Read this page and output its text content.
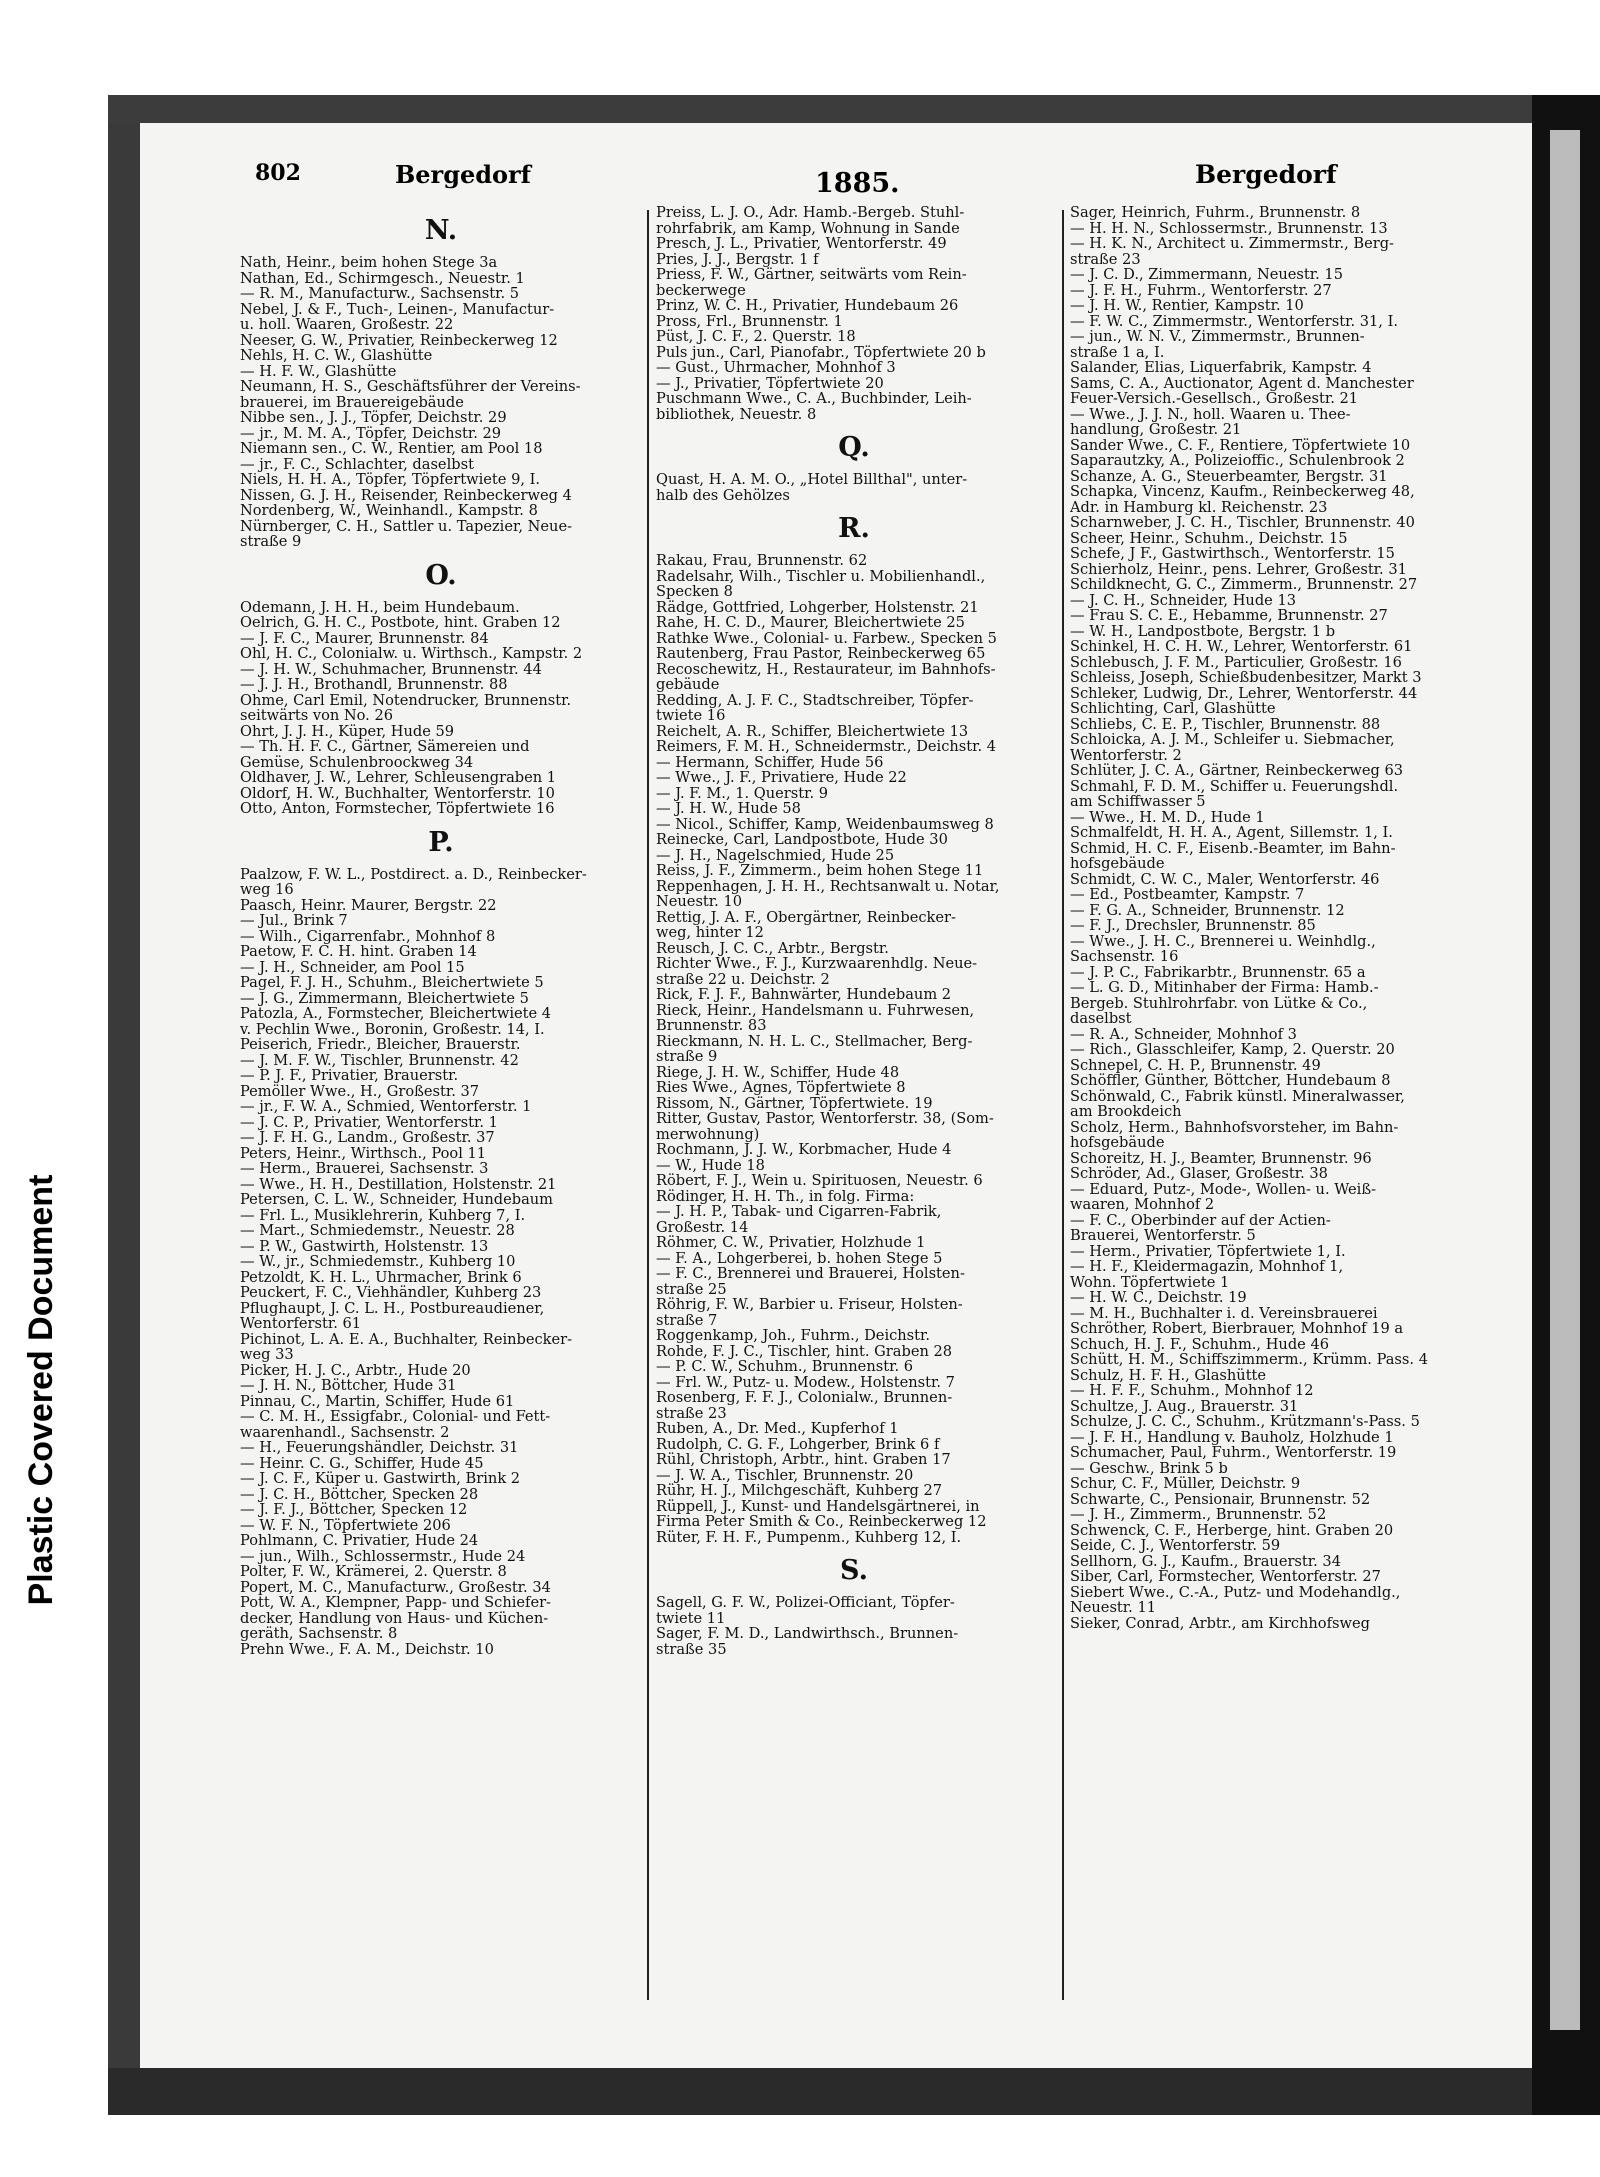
Plastic Covered Document
802	Bergedorf	1885.	Bergedorf
N.
Nath, Heinr., beim hohen Stege 3a
Nathan, Ed., Schirmgesch., Neuestr. 1
— R. M., Manufacturw., Sachsenstr. 5
Nebel, J. & F., Tuch-, Leinen-, Manufactur-
u. holl. Waaren, Großestr. 22
Neeser, G. W., Privatier, Reinbeckerweg 12
Nehls, H. C. W., Glashütte
— H. F. W., Glashütte
Neumann, H. S., Geschäftsführer der Vereins-
brauerei, im Brauereigebäude
Nibbe sen., J. J., Töpfer, Deichstr. 29
— jr., M. M. A., Töpfer, Deichstr. 29
Niemann sen., C. W., Rentier, am Pool 18
— jr., F. C., Schlachter, daselbst
Niels, H. H. A., Töpfer, Töpfertwiete 9, I.
Nissen, G. J. H., Reisender, Reinbeckerweg 4
Nordenberg, W., Weinhandl., Kampstr. 8
Nürnberger, C. H., Sattler u. Tapezier, Neue-
straße 9
O.
Odemann, J. H. H., beim Hundebaum.
Oelrich, G. H. C., Postbote, hint. Graben 12
— J. F. C., Maurer, Brunnenstr. 84
Ohl, H. C., Colonialw. u. Wirthsch., Kampstr. 2
— J. H. W., Schuhmacher, Brunnenstr. 44
— J. J. H., Brothandl, Brunnenstr. 88
Ohme, Carl Emil, Notendrucker, Brunnenstr.
seitwärts von No. 26
Ohrt, J. J. H., Küper, Hude 59
— Th. H. F. C., Gärtner, Sämereien und
Gemüse, Schulenbroockweg 34
Oldhaver, J. W., Lehrer, Schleusengraben 1
Oldorf, H. W., Buchhalter, Wentorferstr. 10
Otto, Anton, Formstecher, Töpfertwiete 16
P.
Paalzow, F. W. L., Postdirect. a. D., Reinbecker-
weg 16
Paasch, Heinr. Maurer, Bergstr. 22
— Jul., Brink 7
— Wilh., Cigarrenfabr., Mohnhof 8
Paetow, F. C. H. hint. Graben 14
— J. H., Schneider, am Pool 15
Pagel, F. J. H., Schuhm., Bleichertwiete 5
— J. G., Zimmermann, Bleichertwiete 5
Patozla, A., Formstecher, Bleichertwiete 4
v. Pechlin Wwe., Boronin, Großestr. 14, I.
Peiserich, Friedr., Bleicher, Brauerstr.
— J. M. F. W., Tischler, Brunnenstr. 42
— P. J. F., Privatier, Brauerstr.
Pemöller Wwe., H., Großestr. 37
— jr., F. W. A., Schmied, Wentorferstr. 1
— J. C. P., Privatier, Wentorferstr. 1
— J. F. H. G., Landm., Großestr. 37
Peters, Heinr., Wirthsch., Pool 11
— Herm., Brauerei, Sachsenstr. 3
— Wwe., H. H., Destillation, Holstenstr. 21
Petersen, C. L. W., Schneider, Hundebaum
— Frl. L., Musiklehrerin, Kuhberg 7, I.
— Mart., Schmiedemstr., Neuestr. 28
— P. W., Gastwirth, Holstenstr. 13
— W., jr., Schmiedemstr., Kuhberg 10
Petzoldt, K. H. L., Uhrmacher, Brink 6
Peuckert, F. C., Viehhändler, Kuhberg 23
Pflughaupt, J. C. L. H., Postbureaudiener,
Wentorferstr. 61
Pichinot, L. A. E. A., Buchhalter, Reinbecker-
weg 33
Picker, H. J. C., Arbtr., Hude 20
— J. H. N., Böttcher, Hude 31
Pinnau, C., Martin, Schiffer, Hude 61
— C. M. H., Essigfabr., Colonial- und Fett-
waarenhandl., Sachsenstr. 2
— H., Feuerungshändler, Deichstr. 31
— Heinr. C. G., Schiffer, Hude 45
— J. C. F., Küper u. Gastwirth, Brink 2
— J. C. H., Böttcher, Specken 28
— J. F. J., Böttcher, Specken 12
— W. F. N., Töpfertwiete 206
Pohlmann, C. Privatier, Hude 24
— jun., Wilh., Schlossermstr., Hude 24
Polter, F. W., Krämerei, 2. Querstr. 8
Popert, M. C., Manufacturw., Großestr. 34
Pott, W. A., Klempner, Papp- und Schiefer-
decker, Handlung von Haus- und Küchen-
geräth, Sachsenstr. 8
Prehn Wwe., F. A. M., Deichstr. 10
Preiss, L. J. O., Adr. Hamb.-Bergeb. Stuhl-
rohrfabrik, am Kamp, Wohnung in Sande
Presch, J. L., Privatier, Wentorferstr. 49
Pries, J. J., Bergstr. 1 f
Priess, F. W., Gärtner, seitwärts vom Rein-
beckerwege
Prinz, W. C. H., Privatier, Hundebaum 26
Pross, Frl., Brunnenstr. 1
Püst, J. C. F., 2. Querstr. 18
Puls jun., Carl, Pianofabr., Töpfertwiete 20 b
— Gust., Uhrmacher, Mohnhof 3
— J., Privatier, Töpfertwiete 20
Puschmann Wwe., C. A., Buchbinder, Leih-
bibliothek, Neuestr. 8
Q.
Quast, H. A. M. O., „Hotel Billthal", unter-
halb des Gehölzes
R.
Rakau, Frau, Brunnenstr. 62
Radelsahr, Wilh., Tischler u. Mobilienhandl.,
Specken 8
Rädge, Gottfried, Lohgerber, Holstenstr. 21
Rahe, H. C. D., Maurer, Bleichertwiete 25
Rathke Wwe., Colonial- u. Farbew., Specken 5
Rautenberg, Frau Pastor, Reinbeckerweg 65
Recoschewitz, H., Restaurateur, im Bahnhofs-
gebäude
Redding, A. J. F. C., Stadtschreiber, Töpfer-
twiete 16
Reichelt, A. R., Schiffer, Bleichertwiete 13
Reimers, F. M. H., Schneidermstr., Deichstr. 4
— Hermann, Schiffer, Hude 56
— Wwe., J. F., Privatiere, Hude 22
— J. F. M., 1. Querstr. 9
— J. H. W., Hude 58
— Nicol., Schiffer, Kamp, Weidenbaumsweg 8
Reinecke, Carl, Landpostbote, Hude 30
— J. H., Nagelschmied, Hude 25
Reiss, J. F., Zimmerm., beim hohen Stege 11
Reppenhagen, J. H. H., Rechtsanwalt u. Notar,
Neuestr. 10
Rettig, J. A. F., Obergärtner, Reinbecker-
weg, hinter 12
Reusch, J. C. C., Arbtr., Bergstr.
Richter Wwe., F. J., Kurzwaarenhdlg. Neue-
straße 22 u. Deichstr. 2
Rick, F. J. F., Bahnwärter, Hundebaum 2
Rieck, Heinr., Handelsmann u. Fuhrwesen,
Brunnenstr. 83
Rieckmann, N. H. L. C., Stellmacher, Berg-
straße 9
Riege, J. H. W., Schiffer, Hude 48
Ries Wwe., Agnes, Töpfertwiete 8
Rissom, N., Gärtner, Töpfertwiete. 19
Ritter, Gustav, Pastor, Wentorferstr. 38, (Som-
merwohnung)
Rochmann, J. J. W., Korbmacher, Hude 4
— W., Hude 18
Röbert, F. J., Wein u. Spirituosen, Neuestr. 6
Rödinger, H. H. Th., in folg. Firma:
— J. H. P., Tabak- und Cigarren-Fabrik,
Großestr. 14
Röhmer, C. W., Privatier, Holzhude 1
— F. A., Lohgerberei, b. hohen Stege 5
— F. C., Brennerei und Brauerei, Holsten-
straße 25
Röhrig, F. W., Barbier u. Friseur, Holsten-
straße 7
Roggenkamp, Joh., Fuhrm., Deichstr.
Rohde, F. J. C., Tischler, hint. Graben 28
— P. C. W., Schuhm., Brunnenstr. 6
— Frl. W., Putz- u. Modew., Holstenstr. 7
Rosenberg, F. F. J., Colonialw., Brunnen-
straße 23
Ruben, A., Dr. Med., Kupferhof 1
Rudolph, C. G. F., Lohgerber, Brink 6 f
Rühl, Christoph, Arbtr., hint. Graben 17
— J. W. A., Tischler, Brunnenstr. 20
Rühr, H. J., Milchgeschäft, Kuhberg 27
Rüppell, J., Kunst- und Handelsgärtnerei, in
Firma Peter Smith & Co., Reinbeckerweg 12
Rüter, F. H. F., Pumpenm., Kuhberg 12, I.
S.
Sagell, G. F. W., Polizei-Officiant, Töpfer-
twiete 11
Sager, F. M. D., Landwirthsch., Brunnen-
straße 35
Sager, Heinrich, Fuhrm., Brunnenstr. 8
— H. H. N., Schlossermstr., Brunnenstr. 13
— H. K. N., Architect u. Zimmermstr., Berg-
straße 23
— J. C. D., Zimmermann, Neuestr. 15
— J. F. H., Fuhrm., Wentorferstr. 27
— J. H. W., Rentier, Kampstr. 10
— F. W. C., Zimmermstr., Wentorferstr. 31, I.
— jun., W. N. V., Zimmermstr., Brunnen-
straße 1 a, I.
Salander, Elias, Liquerfabrik, Kampstr. 4
Sams, C. A., Auctionator, Agent d. Manchester
Feuer-Versich.-Gesellsch., Großestr. 21
— Wwe., J. J. N., holl. Waaren u. Thee-
handlung, Großestr. 21
Sander Wwe., C. F., Rentiere, Töpfertwiete 10
Saparautzky, A., Polizeioffic., Schulenbrook 2
Schanze, A. G., Steuerbeamter, Bergstr. 31
Schapka, Vincenz, Kaufm., Reinbeckerweg 48,
Adr. in Hamburg kl. Reichenstr. 23
Scharnweber, J. C. H., Tischler, Brunnenstr. 40
Scheer, Heinr., Schuhm., Deichstr. 15
Schefe, J F., Gastwirthsch., Wentorferstr. 15
Schierholz, Heinr., pens. Lehrer, Großestr. 31
Schildknecht, G. C., Zimmerm., Brunnenstr. 27
— J. C. H., Schneider, Hude 13
— Frau S. C. E., Hebamme, Brunnenstr. 27
— W. H., Landpostbote, Bergstr. 1 b
Schinkel, H. C. H. W., Lehrer, Wentorferstr. 61
Schlebusch, J. F. M., Particulier, Großestr. 16
Schleiss, Joseph, Schießbudenbesitzer, Markt 3
Schleker, Ludwig, Dr., Lehrer, Wentorferstr. 44
Schlichting, Carl, Glashütte
Schliebs, C. E. P., Tischler, Brunnenstr. 88
Schloicka, A. J. M., Schleifer u. Siebmacher,
Wentorferstr. 2
Schlüter, J. C. A., Gärtner, Reinbeckerweg 63
Schmahl, F. D. M., Schiffer u. Feuerungshdl.
am Schiffwasser 5
— Wwe., H. M. D., Hude 1
Schmalfeldt, H. H. A., Agent, Sillemstr. 1, I.
Schmid, H. C. F., Eisenb.-Beamter, im Bahn-
hofsgebäude
Schmidt, C. W. C., Maler, Wentorferstr. 46
— Ed., Postbeamter, Kampstr. 7
— F. G. A., Schneider, Brunnenstr. 12
— F. J., Drechsler, Brunnenstr. 85
— Wwe., J. H. C., Brennerei u. Weinhdlg.,
Sachsenstr. 16
— J. P. C., Fabrikarbtr., Brunnenstr. 65 a
— L. G. D., Mitinhaber der Firma: Hamb.-
Bergeb. Stuhlrohrfabr. von Lütke & Co.,
daselbst
— R. A., Schneider, Mohnhof 3
— Rich., Glasschleifer, Kamp, 2. Querstr. 20
Schnepel, C. H. P., Brunnenstr. 49
Schöffler, Günther, Böttcher, Hundebaum 8
Schönwald, C., Fabrik künstl. Mineralwasser,
am Brookdeich
Scholz, Herm., Bahnhofsvorsteher, im Bahn-
hofsgebäude
Schoreitz, H. J., Beamter, Brunnenstr. 96
Schröder, Ad., Glaser, Großestr. 38
— Eduard, Putz-, Mode-, Wollen- u. Weiß-
waaren, Mohnhof 2
— F. C., Oberbinder auf der Actien-
Brauerei, Wentorferstr. 5
— Herm., Privatier, Töpfertwiete 1, I.
— H. F., Kleidermagazin, Mohnhof 1,
Wohn. Töpfertwiete 1
— H. W. C., Deichstr. 19
— M. H., Buchhalter i. d. Vereinsbrauerei
Schröther, Robert, Bierbrauer, Mohnhof 19 a
Schuch, H. J. F., Schuhm., Hude 46
Schütt, H. M., Schiffszimmerm., Krümm. Pass. 4
Schulz, H. F. H., Glashütte
— H. F. F., Schuhm., Mohnhof 12
Schultze, J. Aug., Brauerstr. 31
Schulze, J. C. C., Schuhm., Krützmann's-Pass. 5
— J. F. H., Handlung v. Bauholz, Holzhude 1
Schumacher, Paul, Fuhrm., Wentorferstr. 19
— Geschw., Brink 5 b
Schur, C. F., Müller, Deichstr. 9
Schwarte, C., Pensionair, Brunnenstr. 52
— J. H., Zimmerm., Brunnenstr. 52
Schwenck, C. F., Herberge, hint. Graben 20
Seide, C. J., Wentorferstr. 59
Sellhorn, G. J., Kaufm., Brauerstr. 34
Siber, Carl, Formstecher, Wentorferstr. 27
Siebert Wwe., C.-A., Putz- und Modehandlg.,
Neuestr. 11
Sieker, Conrad, Arbtr., am Kirchhofsweg
